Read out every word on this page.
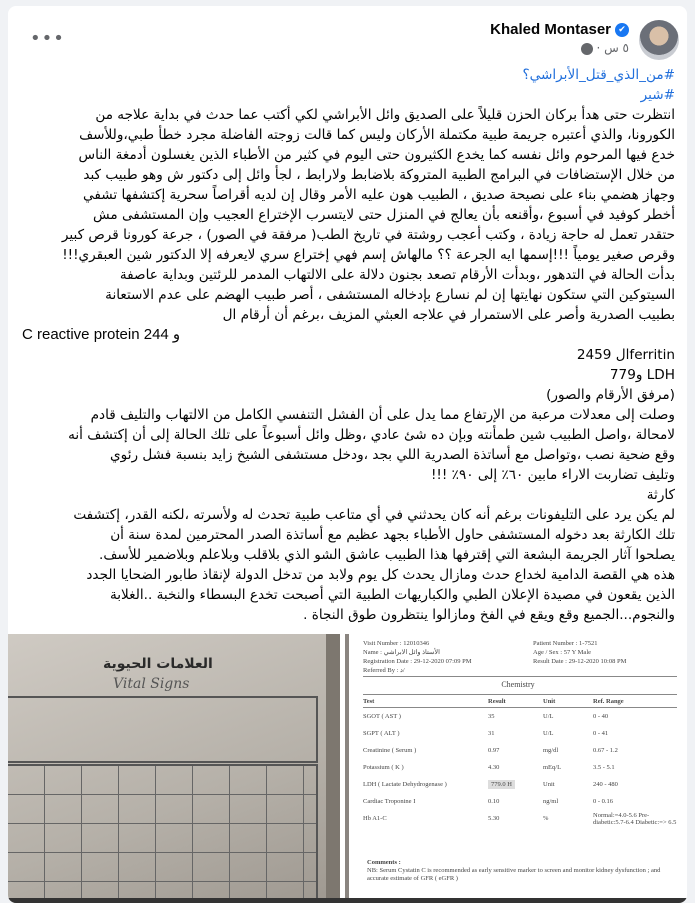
Khaled Montaser ✔
٥ س ·
•••
#من_الذي_قتل_الأبراشي؟
#شير
انتظرت حتى هدأ بركان الحزن قليلاً على الصديق وائل الأبراشي لكي أكتب عما حدث في بداية علاجه من
الكورونا، والذي أعتبره جريمة طبية مكتملة الأركان وليس كما قالت زوجته الفاضلة مجرد خطأ طبي،وللأسف
خدع فيها المرحوم وائل نفسه كما يخدع الكثيرون حتى اليوم في كثير من الأطباء الذين يغسلون أدمغة الناس
من خلال الإستضافات في البرامج الطبية المتروكة بلاضابط ولارابط ، لجأ وائل إلى دكتور ش وهو طبيب كبد
وجهاز هضمي بناء على نصيحة صديق ، الطبيب هون عليه الأمر وقال إن لديه أقراصاً سحرية إكتشفها تشفي
أخطر كوفيد في أسبوع ،وأقنعه بأن يعالج في المنزل حتى لايتسرب الإختراع العجيب وإن المستشفى مش
حتقدر تعمل له حاجة زيادة ، وكتب أعجب روشتة في تاريخ الطب( مرفقة في الصور) ، جرعة كورونا قرص كبير
وقرص صغير يومياً !!!إسمها ايه الجرعة ؟؟ مالهاش إسم فهي إختراع سري لايعرفه إلا الدكتور شين العبقري!!!
بدأت الحالة في التدهور ،وبدأت الأرقام تصعد بجنون دلالة على الالتهاب المدمر للرئتين وبداية عاصفة
السيتوكين التي ستكون نهايتها إن لم نسارع بإدخاله المستشفى ، أصر طبيب الهضم على عدم الاستعانة
بطبيب الصدرية وأصر على الاستمرار في علاجه العبثي المزيف ،برغم أن أرقام ال
C reactive protein 244 و
ferritinال 2459
LDH و779
(مرفق الأرقام والصور)
وصلت إلى معدلات مرعبة من الإرتفاع مما يدل على أن الفشل التنفسي الكامل من الالتهاب والتليف قادم
لامحالة ،واصل الطبيب شين طمأنته وبإن ده شئ عادي ،وظل وائل أسبوعاً على تلك الحالة إلى أن إكتشف أنه
وقع ضحية نصب ،وتواصل مع أساتذة الصدرية اللي بجد ،ودخل مستشفى الشيخ زايد بنسبة فشل رئوي
وتليف تضاربت الاراء مابين ٦٠٪ إلى ٩٠٪ !!!
كارثة
لم يكن يرد على التليفونات برغم أنه كان يحدثني في أي متاعب طبية تحدث له ولأسرته ،لكنه القدر، إكتشفت
تلك الكارثة بعد دخوله المستشفى حاول الأطباء بجهد عظيم مع أساتذة الصدر المحترمين لمدة سنة أن
يصلحوا آثار الجريمة البشعة التي إقترفها هذا الطبيب عاشق الشو الذي بلاقلب وبلاعلم وبلاضمير للأسف.
هذه هي القصة الدامية لخداع حدث ومازال يحدث كل يوم ولابد من تدخل الدولة لإنقاذ طابور الضحايا الجدد
الذين يقعون في مصيدة الإعلان الطبي والكباريهات الطبية التي أصبحت تخدع البسطاء والنخبة ..الغلابة
والنجوم...الجميع وقع ويقع في الفخ ومازالوا ينتظرون طوق النجاة .
العلامات الحيوية
Vital Signs
Visit Number : 12010346
Name : الأستاذ وائل الابراشي
Registration Date : 29-12-2020 07:09 PM
Referred By : د/
Patient Number : 1-7521
Age / Sex : 57 Y Male
Result Date : 29-12-2020 10:08 PM
Chemistry
Test	Result	Unit	Ref. Range
SGOT ( AST )	35	U/L	0 - 40
SGPT ( ALT )	31	U/L	0 - 41
Creatinine ( Serum )	0.97	mg/dl	0.67 - 1.2
Potassium ( K )	4.30	mEq/L	3.5 - 5.1
LDH ( Lactate Dehydrogenase )	779.0 H	Unit	240 - 480
Cardiac Troponine I	0.10	ng/ml	0 - 0.16
Hb A1-C	5.30	%	Normal:=4.0-5.6 Pre-diabetic:5.7-6.4 Diabetic:=> 6.5
Comments :
NB: Serum Cystatin C is recommended as early sensitive marker to screen and monitor kidney dysfunction ; and accurate estimate of GFR ( eGFR )
